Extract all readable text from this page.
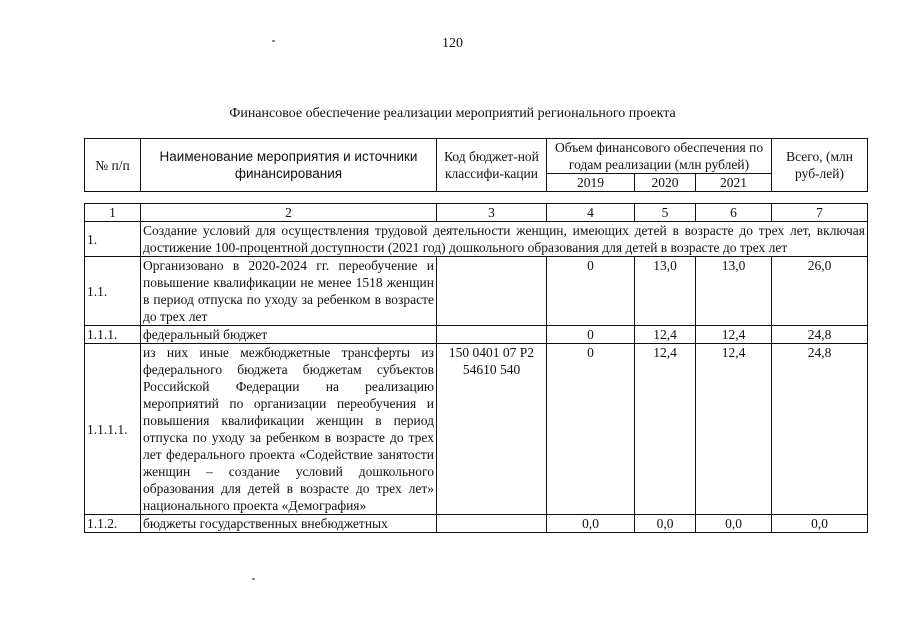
120
Финансовое обеспечение реализации мероприятий регионального проекта
№ п/п	Наименование мероприятия и источники финансирования	Код бюджет-ной классифи-кации	Объем финансового обеспечения по годам реализации (млн рублей)			Всего, (млн руб-лей)
			2019	2020	2021	
1	2	3	4	5	6	7
1.	Создание условий для осуществления трудовой деятельности женщин, имеющих детей в возрасте до трех лет, включая достижение 100-процентной доступности (2021 год) дошкольного образования для детей в возрасте до трех лет					
1.1.	Организовано в 2020-2024 гг. переобучение и повышение квалификации не менее 1518 женщин в период отпуска по уходу за ребенком в возрасте до трех лет		0	13,0	13,0	26,0
1.1.1.	федеральный бюджет		0	12,4	12,4	24,8
1.1.1.1.	из них иные межбюджетные трансферты из федерального бюджета бюджетам субъектов Российской Федерации на реализацию мероприятий по организации переобучения и повышения квалификации женщин в период отпуска по уходу за ребенком в возрасте до трех лет федерального проекта «Содействие занятости женщин – создание условий дошкольного образования для детей в возрасте до трех лет» национального проекта «Демография»	150 0401 07 Р2 54610 540	0	12,4	12,4	24,8
1.1.2.	бюджеты государственных внебюджетных		0,0	0,0	0,0	0,0
